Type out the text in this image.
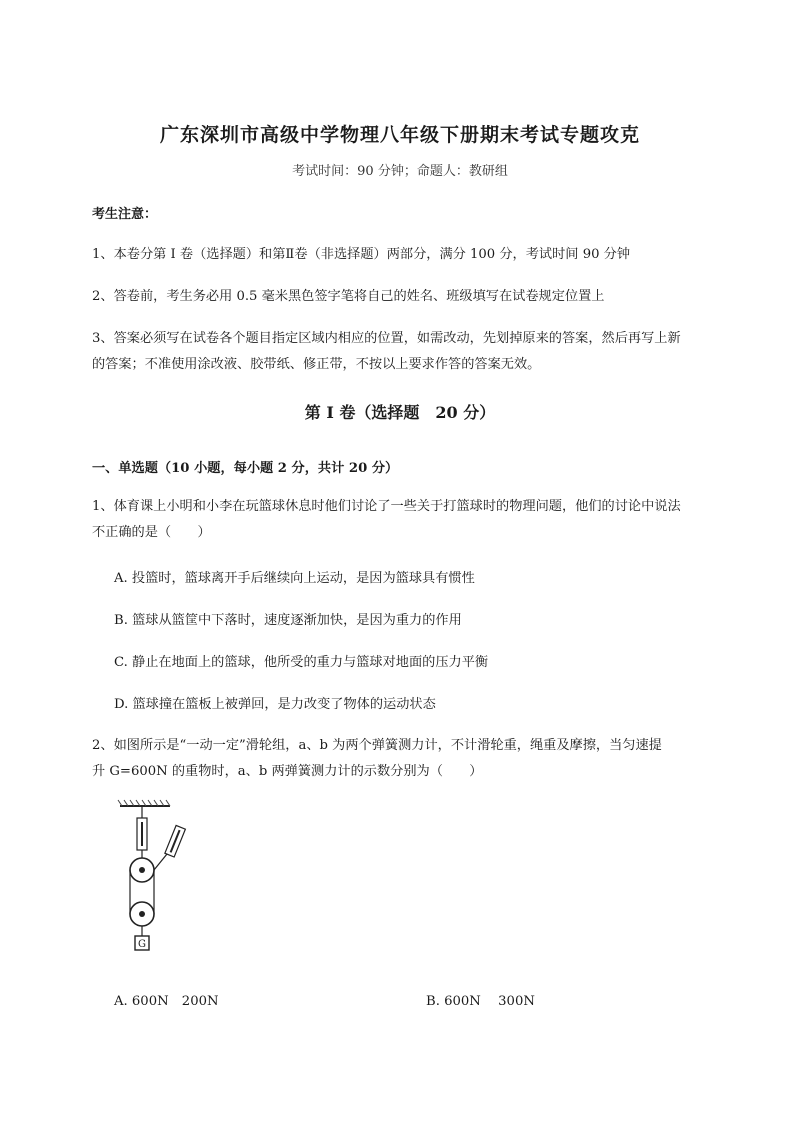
广东深圳市高级中学物理八年级下册期末考试专题攻克
考试时间：90 分钟；命题人：教研组
考生注意：
1、本卷分第 I 卷（选择题）和第Ⅱ卷（非选择题）两部分，满分 100 分，考试时间 90 分钟
2、答卷前，考生务必用 0.5 毫米黑色签字笔将自己的姓名、班级填写在试卷规定位置上
3、答案必须写在试卷各个题目指定区域内相应的位置，如需改动，先划掉原来的答案，然后再写上新
的答案；不准使用涂改液、胶带纸、修正带，不按以上要求作答的答案无效。
第 I 卷（选择题　20 分）
一、单选题（10 小题，每小题 2 分，共计 20 分）
1、体育课上小明和小李在玩篮球休息时他们讨论了一些关于打篮球时的物理问题，他们的讨论中说法
不正确的是（　　）
A. 投篮时，篮球离开手后继续向上运动，是因为篮球具有惯性
B. 篮球从篮筐中下落时，速度逐渐加快，是因为重力的作用
C. 静止在地面上的篮球，他所受的重力与篮球对地面的压力平衡
D. 篮球撞在篮板上被弹回，是力改变了物体的运动状态
2、如图所示是“一动一定”滑轮组，a、b 为两个弹簧测力计，不计滑轮重，绳重及摩擦，当匀速提
升 G=600N 的重物时，a、b 两弹簧测力计的示数分别为（　　）
G
A. 600N　200N	B. 600N　 300N
